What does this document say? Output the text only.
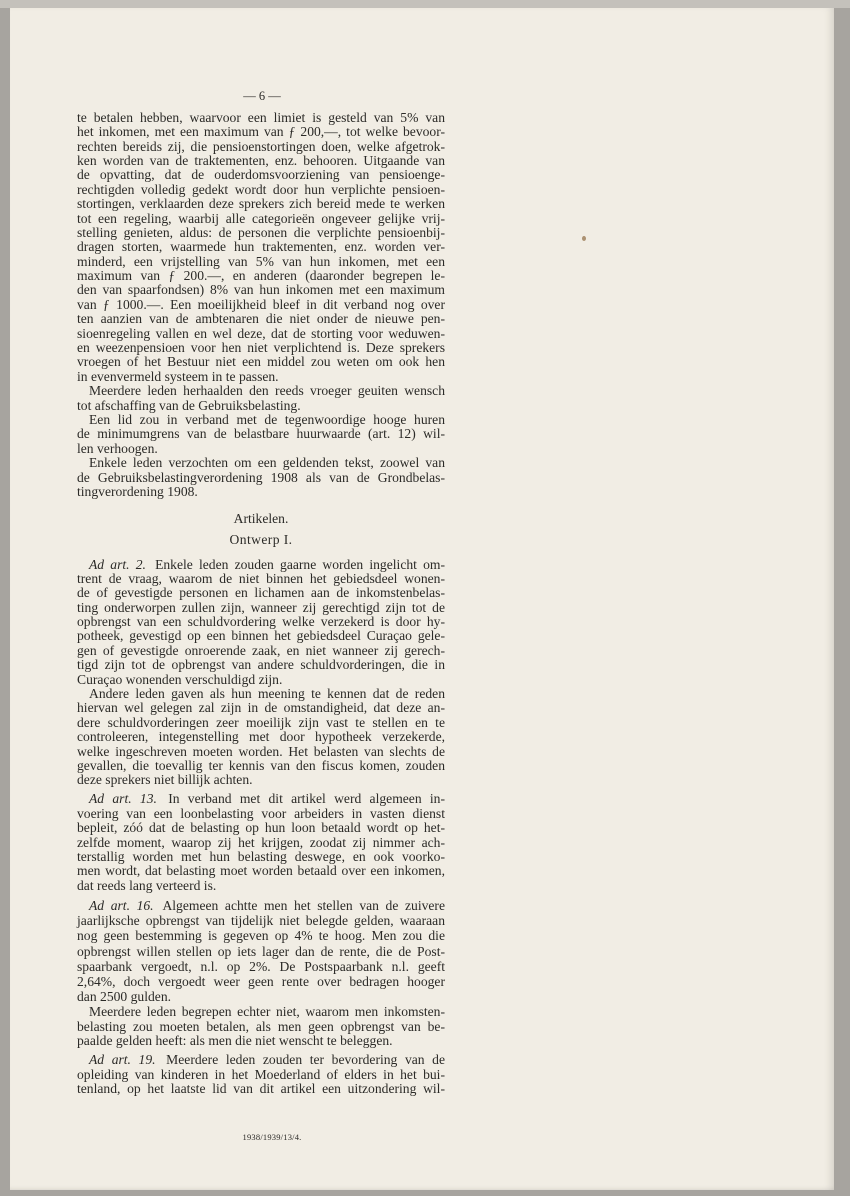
— 6 —
te betalen hebben, waarvoor een limiet is gesteld van 5% van
het inkomen, met een maximum van ƒ 200,—, tot welke bevoor-
rechten bereids zij, die pensioenstortingen doen, welke afgetrok-
ken worden van de traktementen, enz. behooren. Uitgaande van
de opvatting, dat de ouderdomsvoorziening van pensioenge-
rechtigden volledig gedekt wordt door hun verplichte pensioen-
stortingen, verklaarden deze sprekers zich bereid mede te werken
tot een regeling, waarbij alle categorieën ongeveer gelijke vrij-
stelling genieten, aldus: de personen die verplichte pensioenbij-
dragen storten, waarmede hun traktementen, enz. worden ver-
minderd, een vrijstelling van 5% van hun inkomen, met een
maximum van ƒ 200.—, en anderen (daaronder begrepen le-
den van spaarfondsen) 8% van hun inkomen met een maximum
van ƒ 1000.—. Een moeilijkheid bleef in dit verband nog over
ten aanzien van de ambtenaren die niet onder de nieuwe pen-
sioenregeling vallen en wel deze, dat de storting voor weduwen-
en weezenpensioen voor hen niet verplichtend is. Deze sprekers
vroegen of het Bestuur niet een middel zou weten om ook hen
in evenvermeld systeem in te passen.
Meerdere leden herhaalden den reeds vroeger geuiten wensch
tot afschaffing van de Gebruiksbelasting.
Een lid zou in verband met de tegenwoordige hooge huren
de minimumgrens van de belastbare huurwaarde (art. 12) wil-
len verhoogen.
Enkele leden verzochten om een geldenden tekst, zoowel van
de Gebruiksbelastingverordening 1908 als van de Grondbelas-
tingverordening 1908.
Artikelen.
Ontwerp I.
Ad art. 2. Enkele leden zouden gaarne worden ingelicht om-
trent de vraag, waarom de niet binnen het gebiedsdeel wonen-
de of gevestigde personen en lichamen aan de inkomstenbelas-
ting onderworpen zullen zijn, wanneer zij gerechtigd zijn tot de
opbrengst van een schuldvordering welke verzekerd is door hy-
potheek, gevestigd op een binnen het gebiedsdeel Curaçao gele-
gen of gevestigde onroerende zaak, en niet wanneer zij gerech-
tigd zijn tot de opbrengst van andere schuldvorderingen, die in
Curaçao wonenden verschuldigd zijn.
Andere leden gaven als hun meening te kennen dat de reden
hiervan wel gelegen zal zijn in de omstandigheid, dat deze an-
dere schuldvorderingen zeer moeilijk zijn vast te stellen en te
controleeren, integenstelling met door hypotheek verzekerde,
welke ingeschreven moeten worden. Het belasten van slechts de
gevallen, die toevallig ter kennis van den fiscus komen, zouden
deze sprekers niet billijk achten.
Ad art. 13. In verband met dit artikel werd algemeen in-
voering van een loonbelasting voor arbeiders in vasten dienst
bepleit, zóó dat de belasting op hun loon betaald wordt op het-
zelfde moment, waarop zij het krijgen, zoodat zij nimmer ach-
terstallig worden met hun belasting deswege, en ook voorko-
men wordt, dat belasting moet worden betaald over een inkomen,
dat reeds lang verteerd is.
Ad art. 16. Algemeen achtte men het stellen van de zuivere
jaarlijksche opbrengst van tijdelijk niet belegde gelden, waaraan
nog geen bestemming is gegeven op 4% te hoog. Men zou die
opbrengst willen stellen op iets lager dan de rente, die de Post-
spaarbank vergoedt, n.l. op 2%. De Postspaarbank n.l. geeft
2,64%, doch vergoedt weer geen rente over bedragen hooger
dan 2500 gulden.
Meerdere leden begrepen echter niet, waarom men inkomsten-
belasting zou moeten betalen, als men geen opbrengst van be-
paalde gelden heeft: als men die niet wenscht te beleggen.
Ad art. 19. Meerdere leden zouden ter bevordering van de
opleiding van kinderen in het Moederland of elders in het bui-
tenland, op het laatste lid van dit artikel een uitzondering wil-
1938/1939/13/4.
